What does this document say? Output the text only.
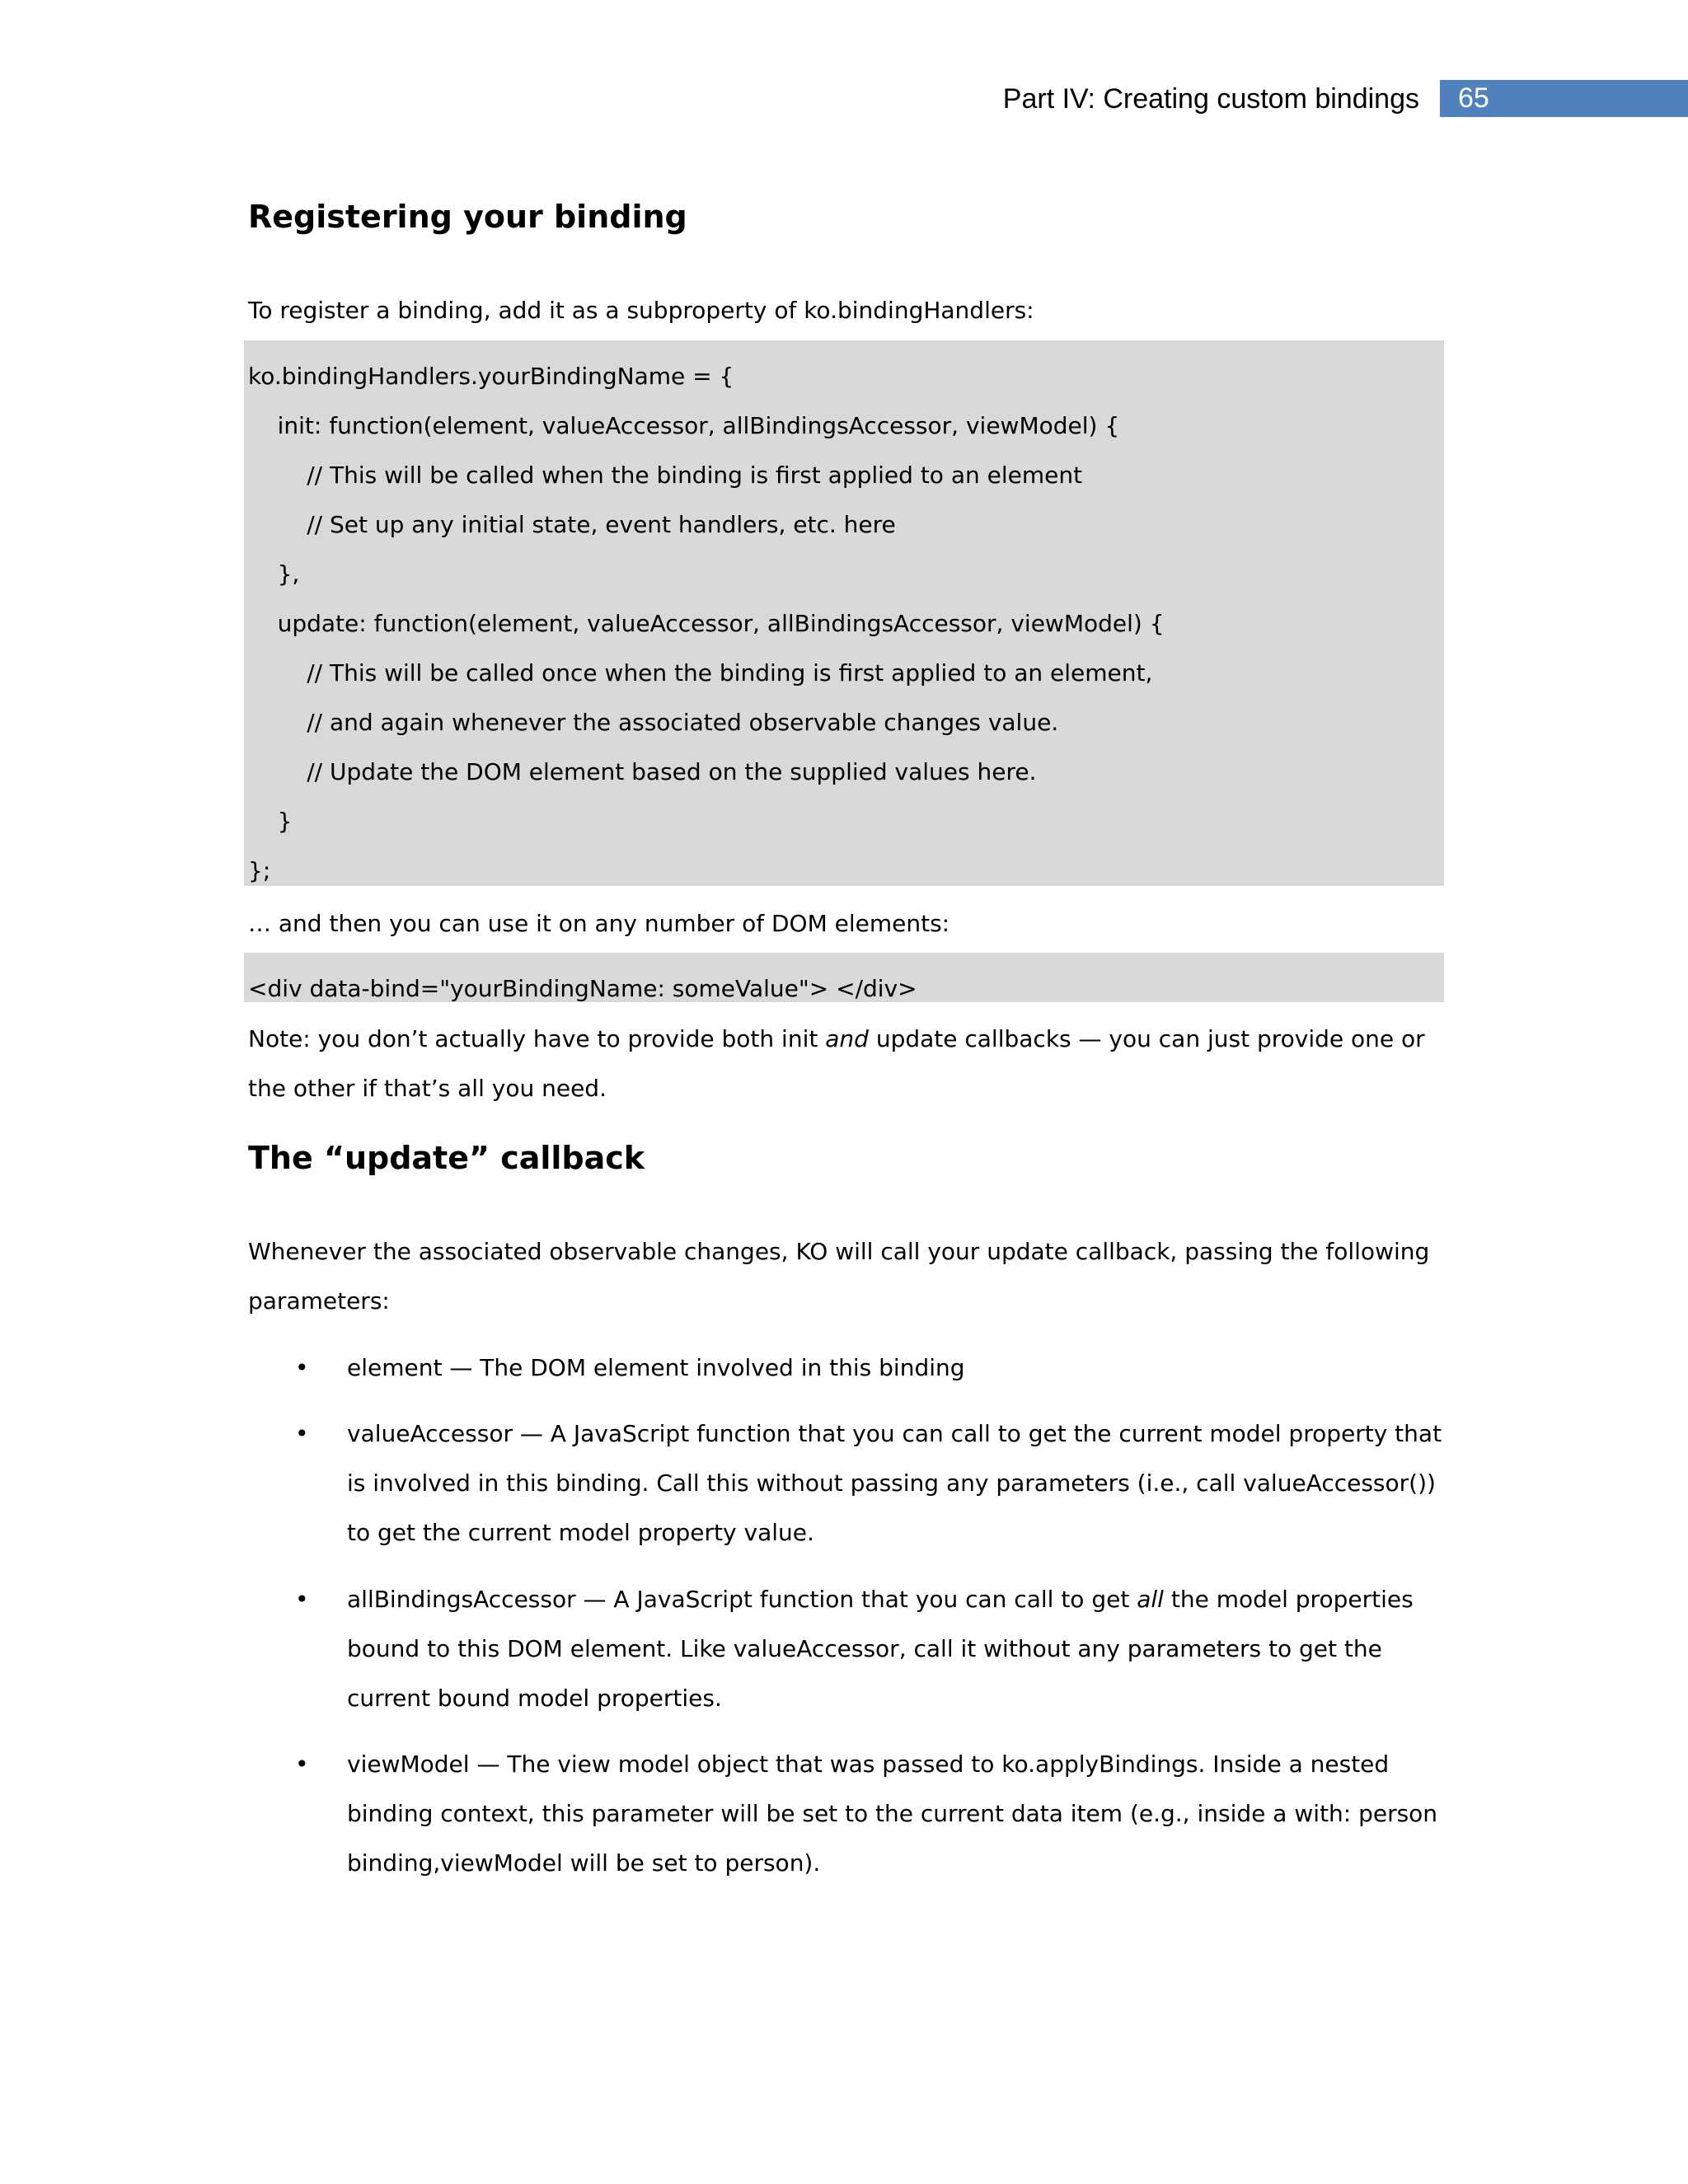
Part IV: Creating custom bindings 65
Registering your binding

To register a binding, add it as a subproperty of ko.bindingHandlers:

ko.bindingHandlers.yourBindingName = {
init: function(element, valueAccessor, allBindingsAccessor, viewModel) {
// This will be called when the binding is first applied to an element
// Set up any initial state, event handlers, etc. here
},
update: function(element, valueAccessor, allBindingsAccessor, viewModel) {
// This will be called once when the binding is first applied to an element,
// and again whenever the associated observable changes value.
// Update the DOM element based on the supplied values here.
}
};

… and then you can use it on any number of DOM elements:

<div data-bind="yourBindingName: someValue"> </div>

Note: you don’t actually have to provide both init and update callbacks — you can just provide one or the other if that’s all you need.

The “update” callback

Whenever the associated observable changes, KO will call your update callback, passing the following parameters:

• element — The DOM element involved in this binding

• valueAccessor — A JavaScript function that you can call to get the current model property that is involved in this binding. Call this without passing any parameters (i.e., call valueAccessor()) to get the current model property value.

• allBindingsAccessor — A JavaScript function that you can call to get all the model properties bound to this DOM element. Like valueAccessor, call it without any parameters to get the current bound model properties.

• viewModel — The view model object that was passed to ko.applyBindings. Inside a nested binding context, this parameter will be set to the current data item (e.g., inside a with: person binding,viewModel will be set to person).
